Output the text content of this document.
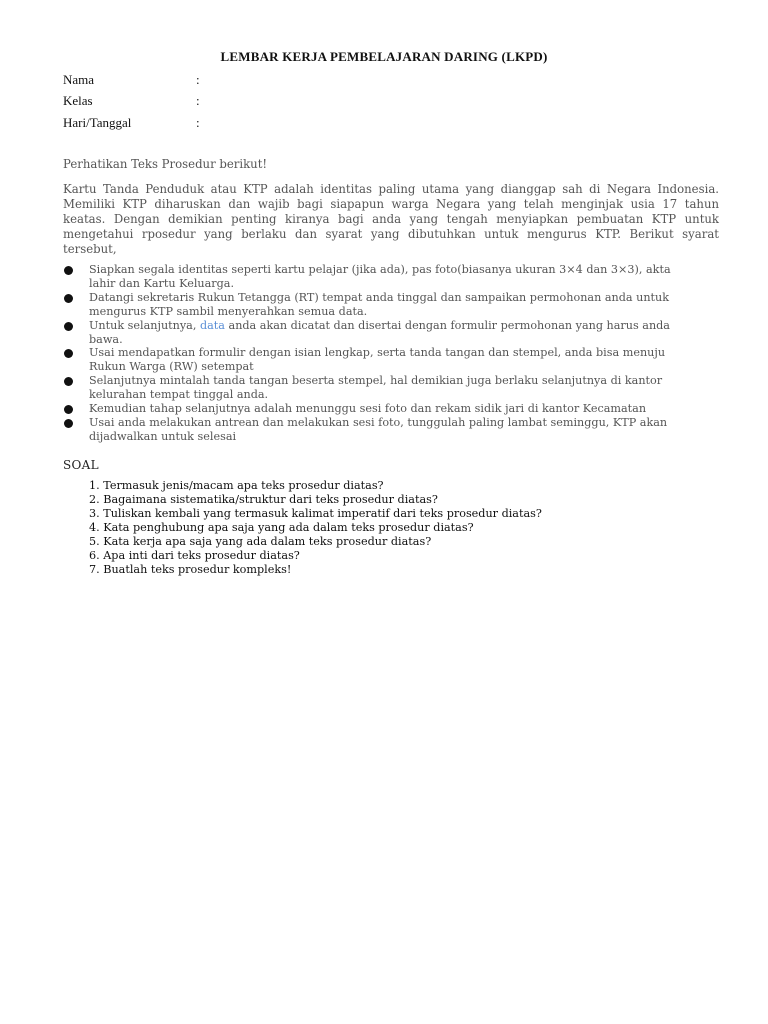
LEMBAR KERJA PEMBELAJARAN DARING (LKPD)
Nama	:
Kelas	:
Hari/Tanggal	:
Perhatikan Teks Prosedur berikut!
Kartu Tanda Penduduk atau KTP adalah identitas paling utama yang dianggap sah di Negara Indonesia.
Memiliki KTP diharuskan dan wajib bagi siapapun warga Negara yang telah menginjak usia 17 tahun
keatas. Dengan demikian penting kiranya bagi anda yang tengah menyiapkan pembuatan KTP untuk
mengetahui rposedur yang berlaku dan syarat yang dibutuhkan untuk mengurus KTP. Berikut syarat
tersebut,
Siapkan segala identitas seperti kartu pelajar (jika ada), pas foto(biasanya ukuran 3×4 dan 3×3), akta
lahir dan Kartu Keluarga.
Datangi sekretaris Rukun Tetangga (RT) tempat anda tinggal dan sampaikan permohonan anda untuk
mengurus KTP sambil menyerahkan semua data.
Untuk selanjutnya, data anda akan dicatat dan disertai dengan formulir permohonan yang harus anda
bawa.
Usai mendapatkan formulir dengan isian lengkap, serta tanda tangan dan stempel, anda bisa menuju
Rukun Warga (RW) setempat
Selanjutnya mintalah tanda tangan beserta stempel, hal demikian juga berlaku selanjutnya di kantor
kelurahan tempat tinggal anda.
Kemudian tahap selanjutnya adalah menunggu sesi foto dan rekam sidik jari di kantor Kecamatan
Usai anda melakukan antrean dan melakukan sesi foto, tunggulah paling lambat seminggu, KTP akan
dijadwalkan untuk selesai
SOAL
1. Termasuk jenis/macam apa teks prosedur diatas?
2. Bagaimana sistematika/struktur dari teks prosedur diatas?
3. Tuliskan kembali yang termasuk kalimat imperatif dari teks prosedur diatas?
4. Kata penghubung apa saja yang ada dalam teks prosedur diatas?
5. Kata kerja apa saja yang ada dalam teks prosedur diatas?
6. Apa inti dari teks prosedur diatas?
7. Buatlah teks prosedur kompleks!
